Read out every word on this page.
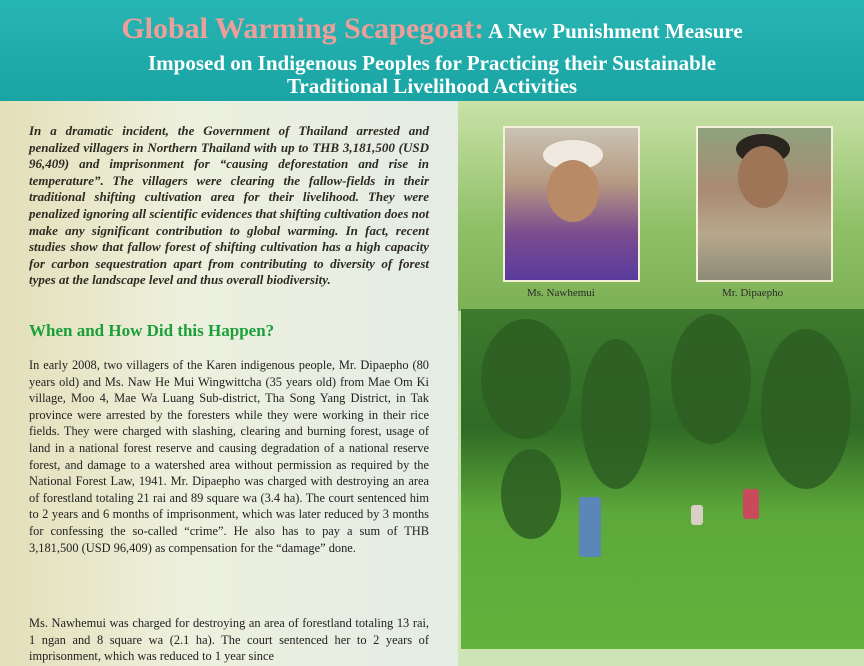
Global Warming Scapegoat: A New Punishment Measure
Imposed on Indigenous Peoples for Practicing their Sustainable
Traditional Livelihood Activities
In a dramatic incident, the Government of Thailand arrested and penalized villagers in Northern Thailand with up to THB 3,181,500 (USD 96,409) and imprisonment for “causing deforestation and rise in temperature”. The villagers were clearing the fallow-fields in their traditional shifting cultivation area for their livelihood. They were penalized ignoring all scientific evidences that shifting cultivation does not make any significant contribution to global warming. In fact, recent studies show that fallow forest of shifting cultivation has a high capacity for carbon sequestration apart from contributing to diversity of forest types at the landscape level and thus overall biodiversity.
When and How Did this Happen?
In early 2008, two villagers of the Karen indigenous people, Mr. Dipaepho (80 years old) and Ms. Naw He Mui Wingwittcha (35 years old) from Mae Om Ki village, Moo 4, Mae Wa Luang Sub-district, Tha Song Yang District, in Tak province were arrested by the foresters while they were working in their rice fields. They were charged with slashing, clearing and burning forest, usage of land in a national forest reserve and causing degradation of a national reserve forest, and damage to a watershed area without permission as required by the National Forest Law, 1941. Mr. Dipaepho was charged with destroying an area of forestland totaling 21 rai and 89 square wa (3.4 ha). The court sentenced him to 2 years and 6 months of imprisonment, which was later reduced by 3 months for confessing the so-called “crime”. He also has to pay a sum of THB 3,181,500 (USD 96,409) as compensation for the “damage” done.
Ms. Nawhemui was charged for destroying an area of forestland totaling 13 rai, 1 ngan and 8 square wa (2.1 ha). The court sentenced her to 2 years of imprisonment, which was reduced to 1 year since
Ms. Nawhemui	Mr. Dipaepho
